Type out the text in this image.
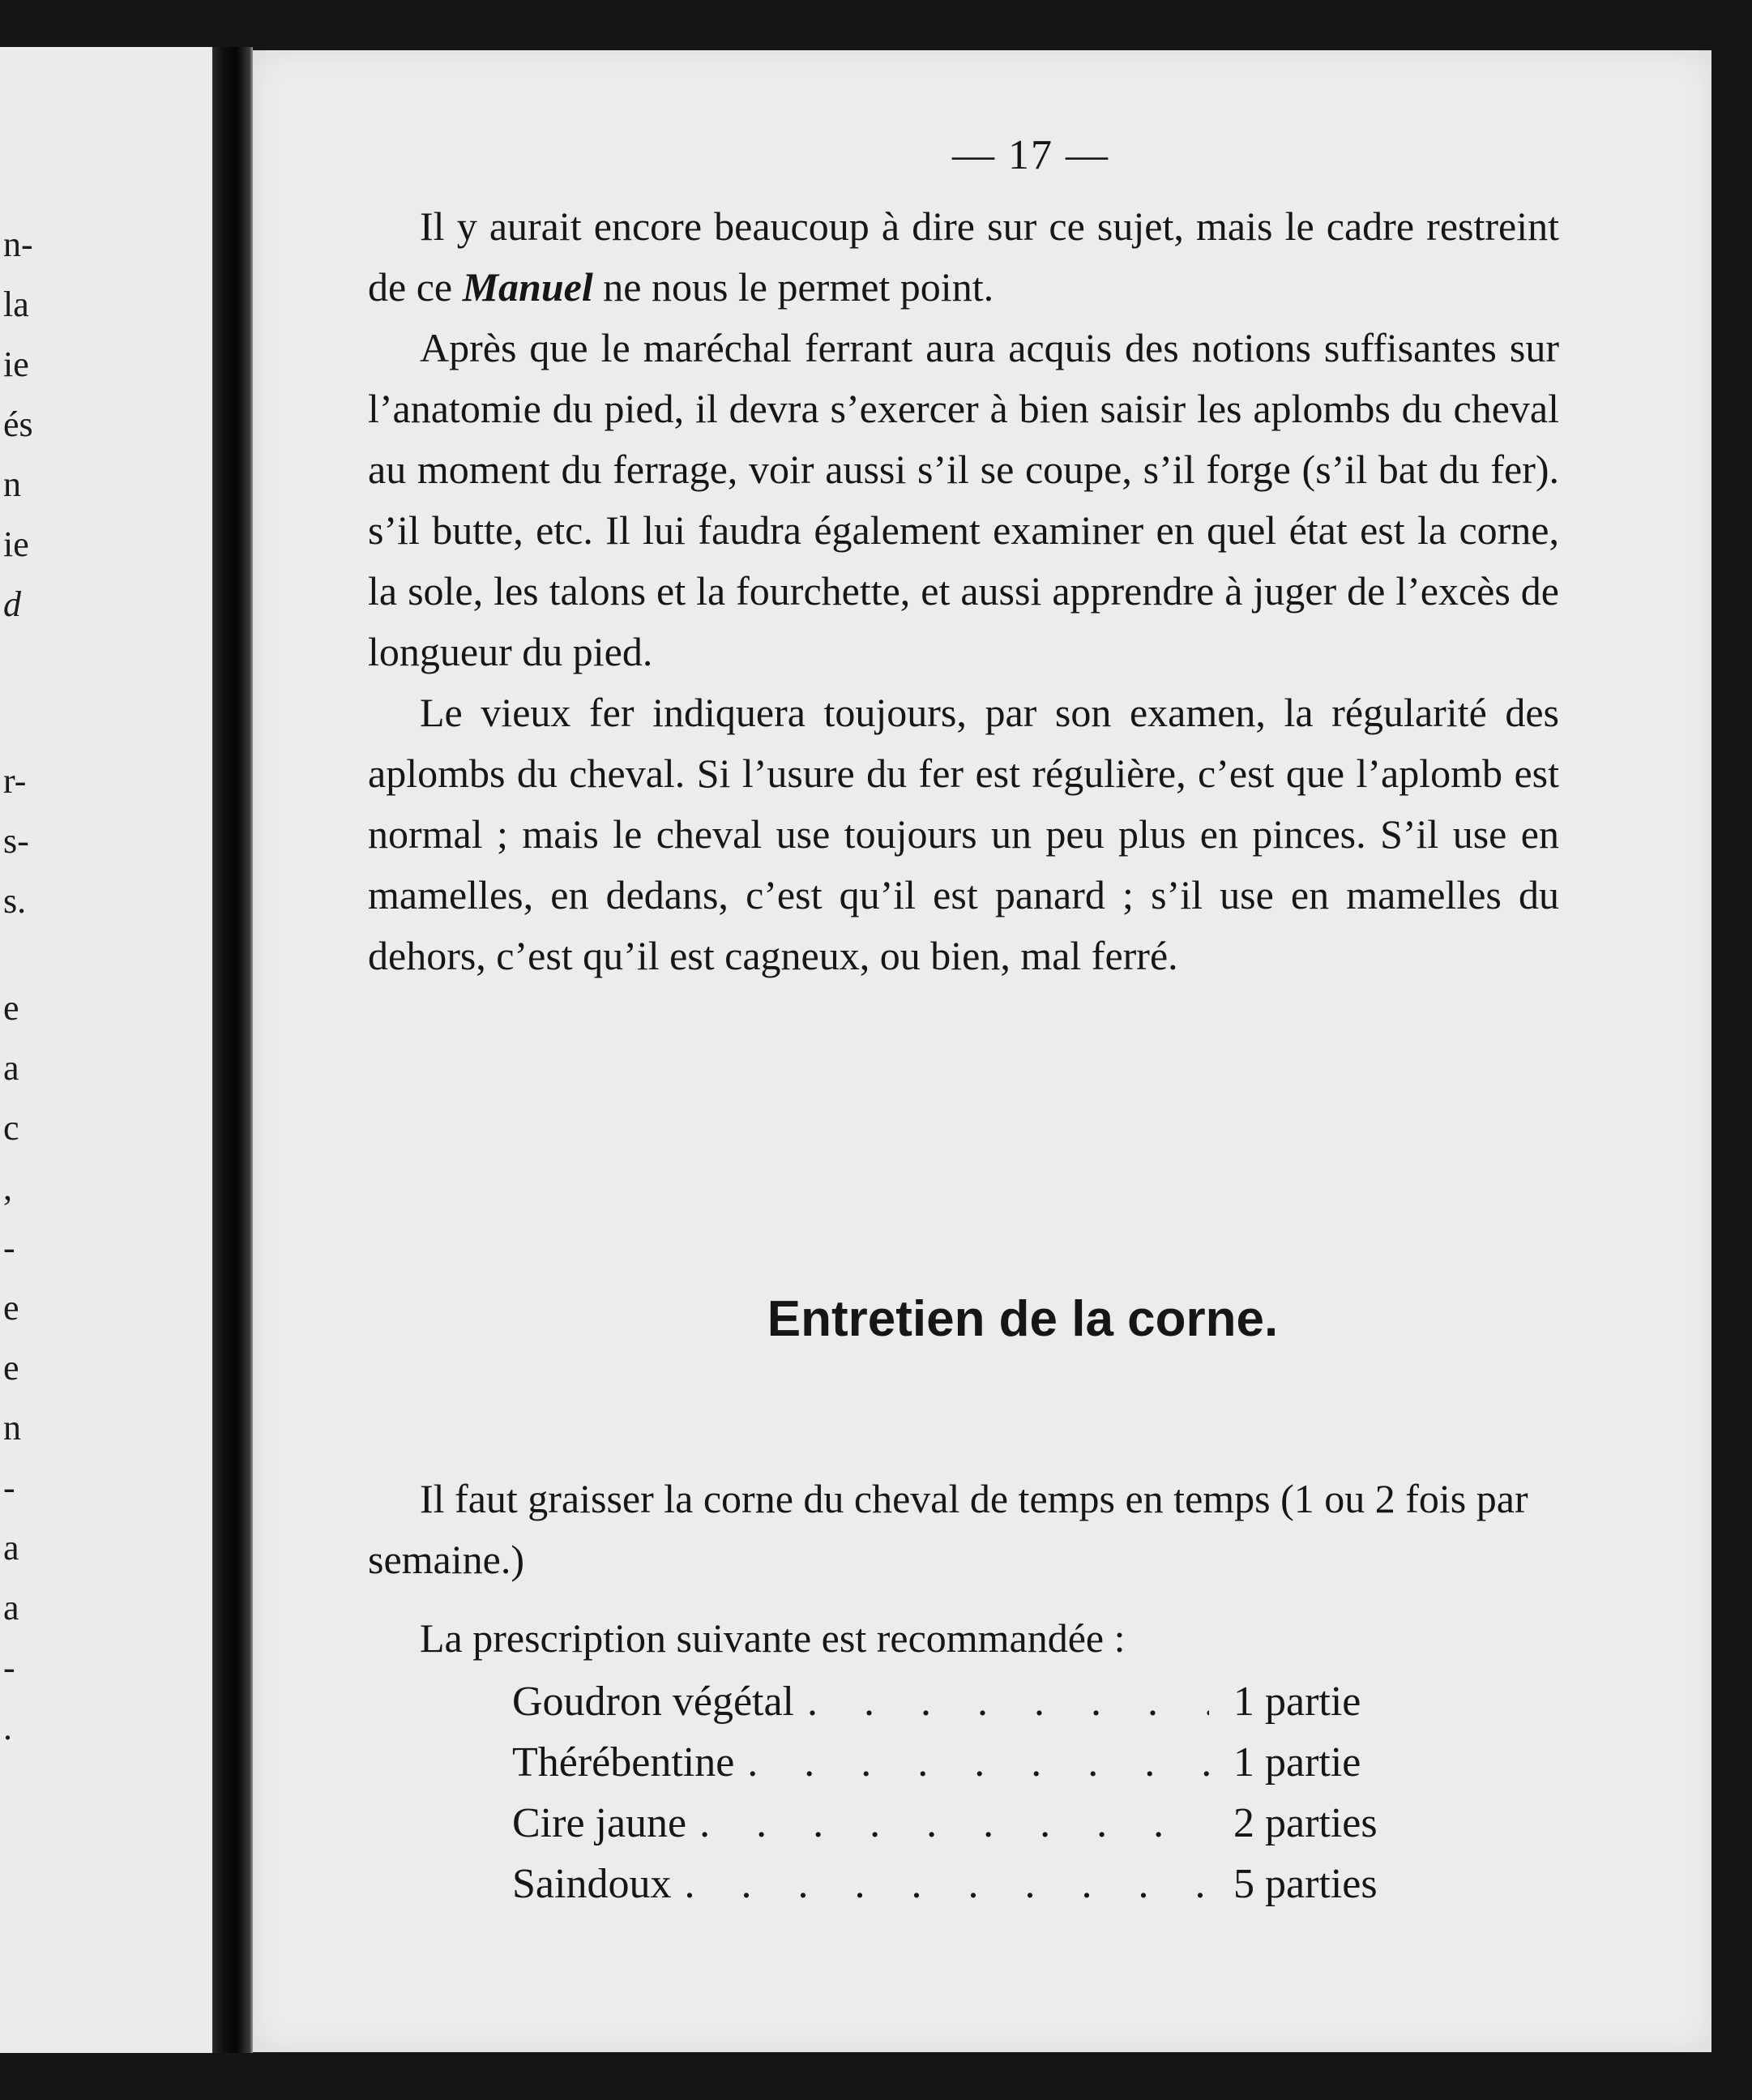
n-
la
ie
és
n
ie
d
r-
s-
s.
e
a
c
,
-
e
e
n
-
a
a
-
.
— 17 —

Il y aurait encore beaucoup à dire sur ce sujet, mais le cadre restreint de ce Manuel ne nous le permet point.

Après que le maréchal ferrant aura acquis des notions suffisantes sur l’anatomie du pied, il devra s’exercer à bien saisir les aplombs du cheval au moment du ferrage, voir aussi s’il se coupe, s’il forge (s’il bat du fer). s’il butte, etc. Il lui faudra également examiner en quel état est la corne, la sole, les talons et la fourchette, et aussi apprendre à juger de l’excès de longueur du pied.

Le vieux fer indiquera toujours, par son examen, la régularité des aplombs du cheval. Si l’usure du fer est régulière, c’est que l’aplomb est normal ; mais le cheval use toujours un peu plus en pinces. S’il use en mamelles, en dedans, c’est qu’il est panard ; s’il use en mamelles du dehors, c’est qu’il est cagneux, ou bien, mal ferré.

Entretien de la corne.

Il faut graisser la corne du cheval de temps en temps (1 ou 2 fois par semaine.)

La prescription suivante est recommandée :

Goudron végétal . . .	1 partie
Thérébentine . . .	1 partie
Cire jaune . . .	2 parties
Saindoux . . .	5 parties
